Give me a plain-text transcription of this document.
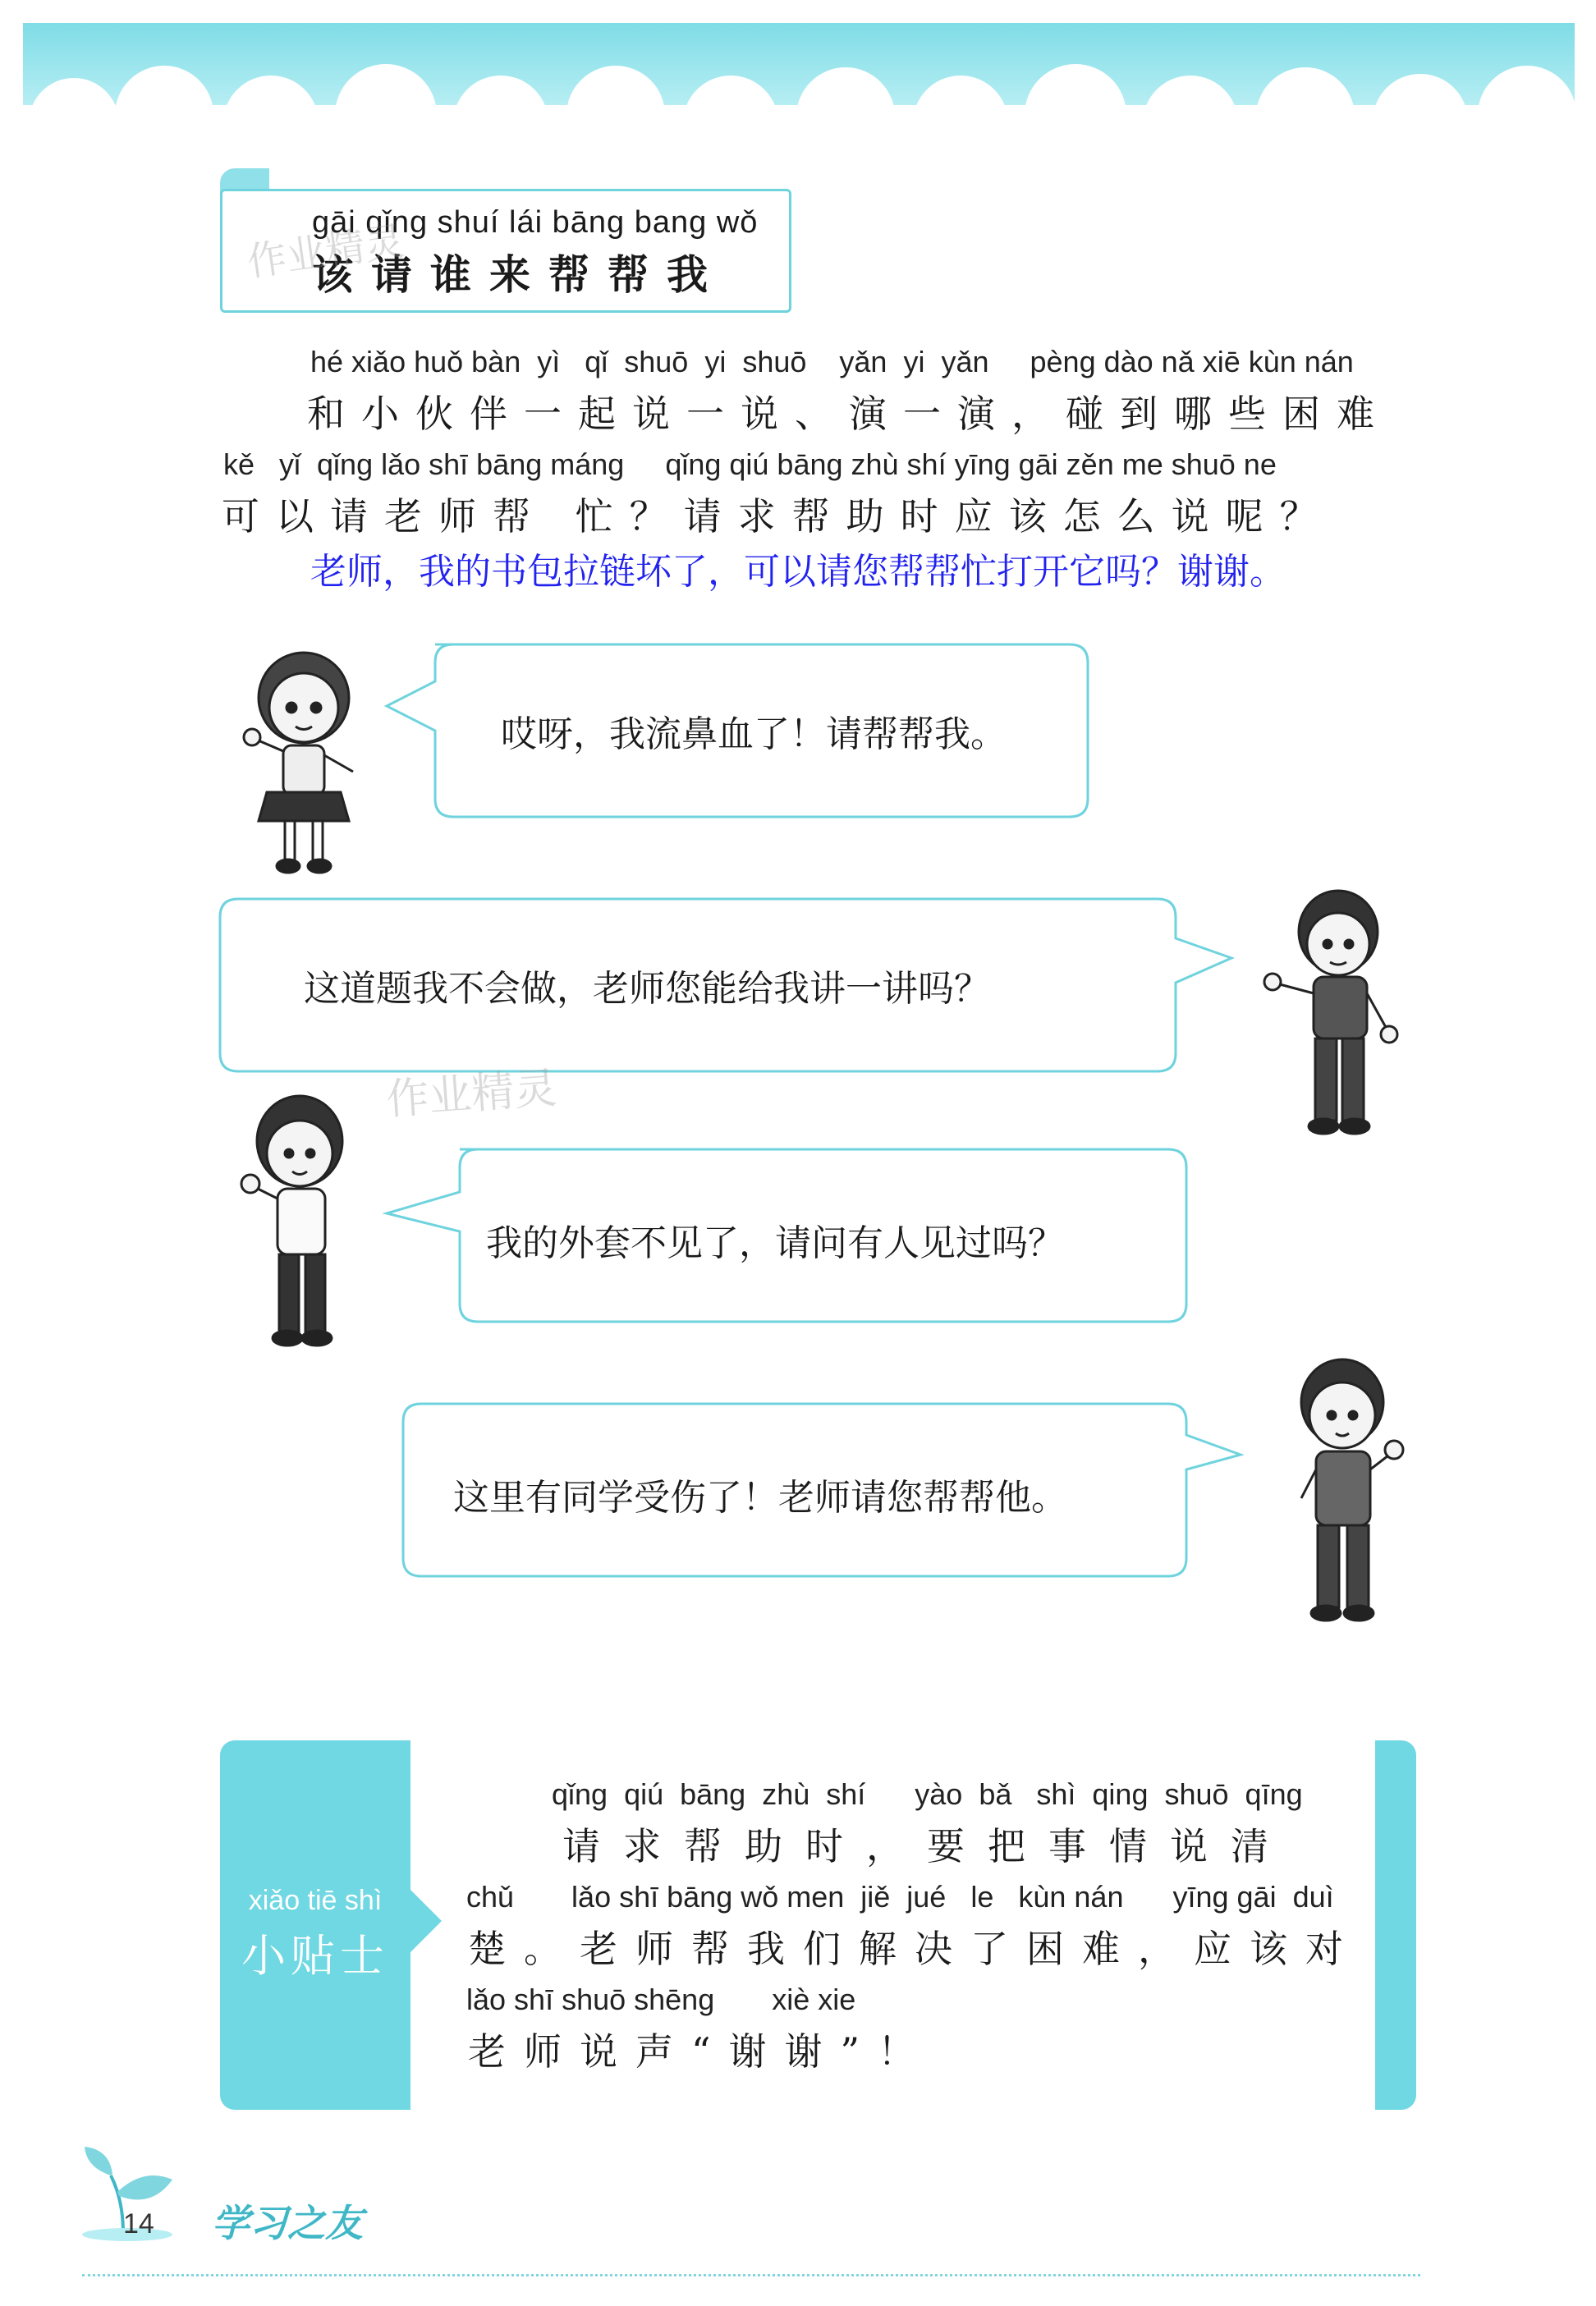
gāi qǐng shuí lái bāng bang wǒ
该请谁来帮帮我
作业精灵
hé xiǎo huǒ bàn  yì   qǐ  shuō  yi  shuō    yǎn  yi  yǎn     pèng dào nǎ xiē kùn nán
和小伙伴一起说一说、演一演，碰到哪些困难
kě   yǐ  qǐng lǎo shī bāng máng     qǐng qiú bāng zhù shí yīng gāi zěn me shuō ne
可以请老师帮 忙？请求帮助时应该怎么说呢？
老师，我的书包拉链坏了，可以请您帮帮忙打开它吗？谢谢。
哎呀，我流鼻血了！请帮帮我。
这道题我不会做，老师您能给我讲一讲吗？
作业精灵
我的外套不见了，请问有人见过吗？
这里有同学受伤了！老师请您帮帮他。
xiǎo tiē shì
小贴士
qǐng  qiú  bāng  zhù  shí      yào  bǎ   shì  qing  shuō  qīng
请求帮助时，要把事情说清
chǔ       lǎo shī bāng wǒ men  jiě  jué   le   kùn nán      yīng gāi  duì
楚。老师帮我们解决了困难，应该对
lǎo shī shuō shēng       xiè xie
老师说声“谢谢”！
14 学习之友
